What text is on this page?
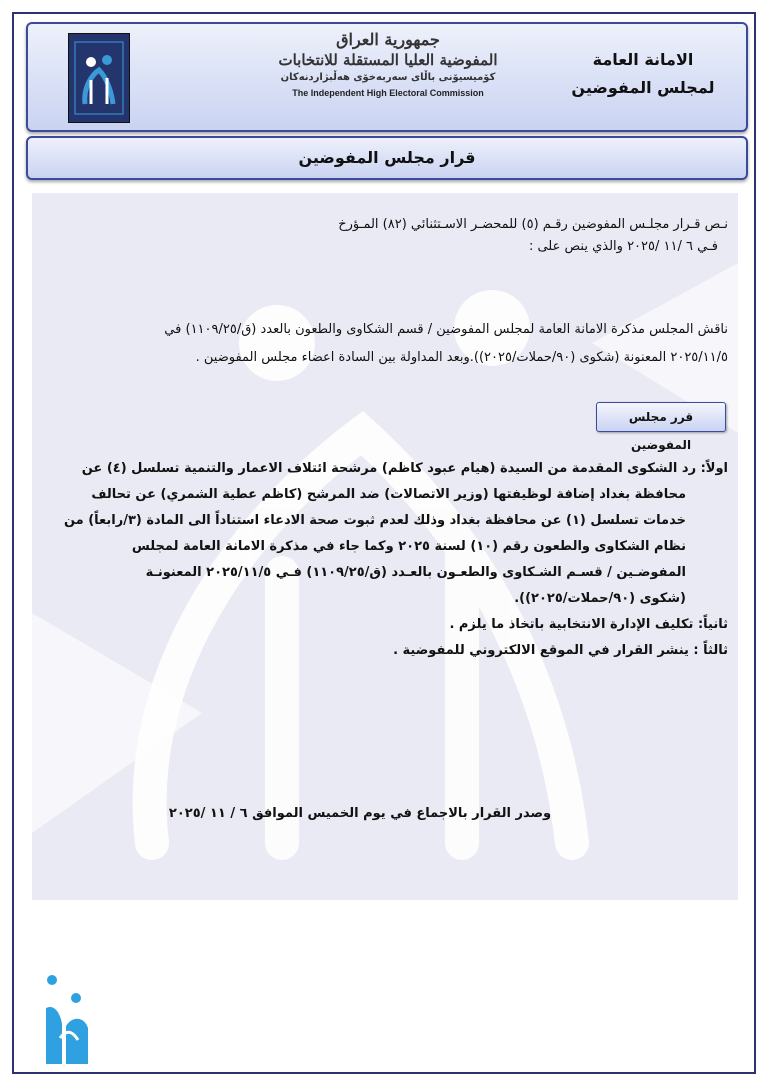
جمهورية العراق
المفوضية العليا المستقلة للانتخابات
كۆمیسیۆنی باڵای سەربەخۆی هەڵبژاردنەکان
The Independent High Electoral Commission
الامانة العامة
لمجلس المفوضين
قرار مجلس المفوضين
نـص قـرار مجلـس المفوضين رقـم (٥) للمحضـر الاسـتثنائي (٨٢) المـؤرخ
فـي ٦ /١١ /٢٠٢٥ والذي ينص على :
ناقش المجلس مذكرة الامانة العامة لمجلس المفوضين / قسم الشكاوى والطعون بالعدد (ق/١١٠٩/٢٥) في
٢٠٢٥/١١/٥ المعنونة (شكوى (٩٠/حملات/٢٠٢٥)).وبعد المداولة بين السادة اعضاء مجلس المفوضين .
قرر مجلس المفوضين
اولاً: رد الشكوى المقدمة من السيدة (هيام عبود كاظم) مرشحة ائتلاف الاعمار والتنمية تسلسل (٤) عن
محافظة بغداد إضافة لوظيفتها (وزير الاتصالات) ضد المرشح (كاظم عطية الشمري) عن تحالف
خدمات تسلسل (١) عن محافظة بغداد وذلك لعدم ثبوت صحة الادعاء استناداً الى المادة (٣/رابعاً) من
نظام الشكاوى والطعون رقم (١٠) لسنة ٢٠٢٥ وكما جاء في مذكرة الامانة العامة لمجلس
المفوضـين / قسـم الشـكاوى والطعـون بالعـدد (ق/١١٠٩/٢٥) فـي ٢٠٢٥/١١/٥ المعنونـة
(شكوى (٩٠/حملات/٢٠٢٥)).
ثانياً: تكليف الإدارة الانتخابية باتخاذ ما يلزم .
ثالثاً : ينشر القرار في الموقع الالكتروني للمفوضية .
وصدر القرار بالاجماع في يوم الخميس الموافق ٦ / ١١ /٢٠٢٥
